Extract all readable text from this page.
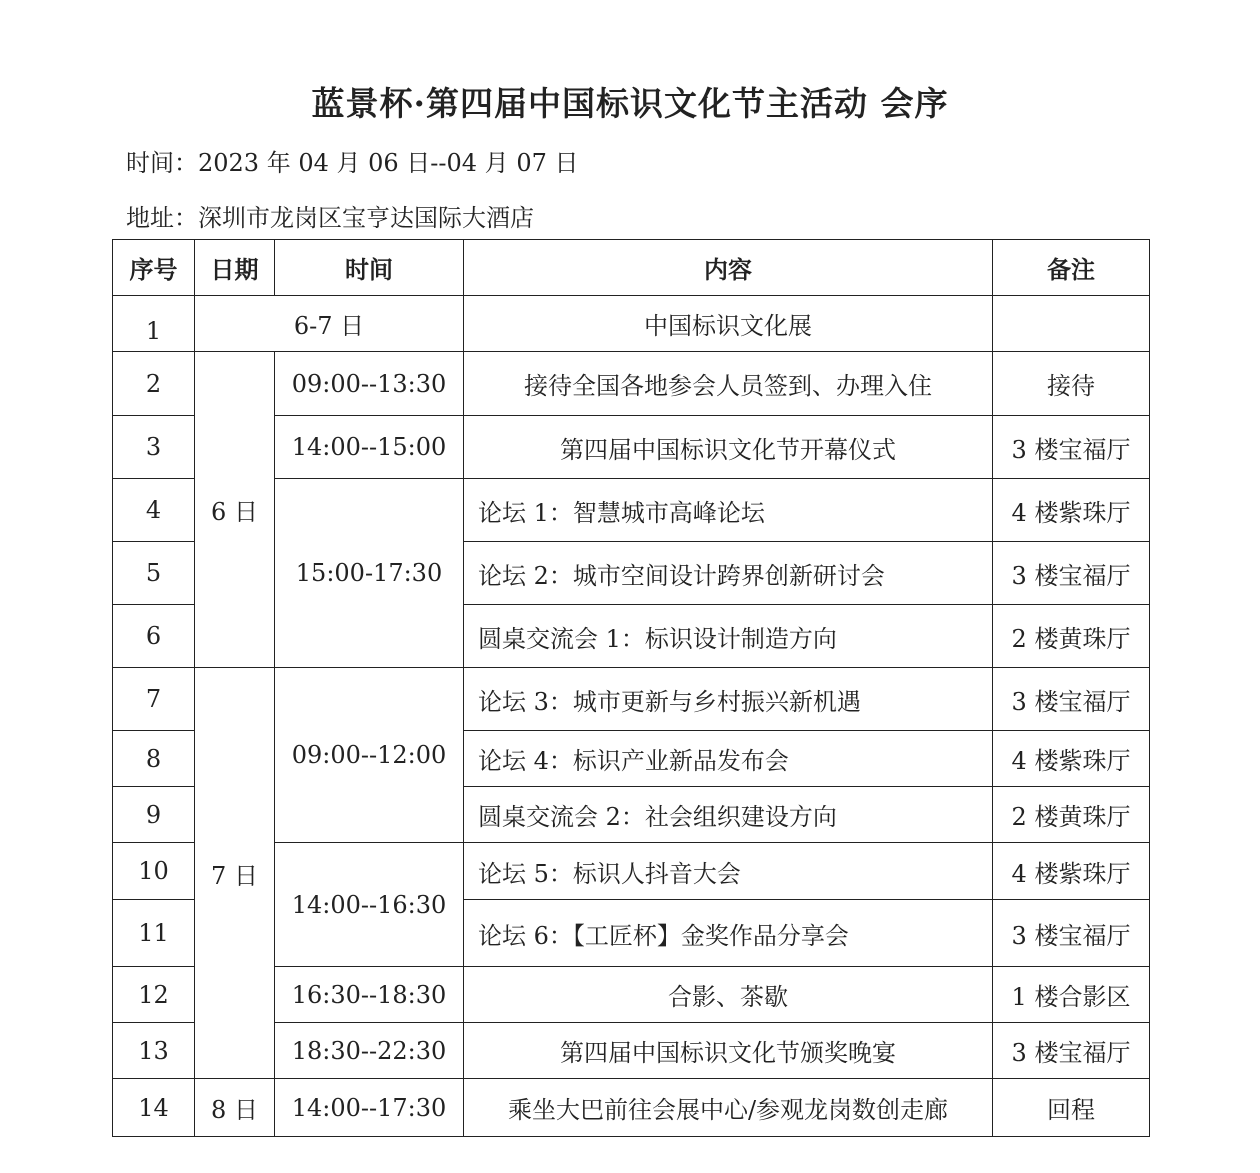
蓝景杯·第四届中国标识文化节主活动 会序
时间：2023 年 04 月 06 日--04 月 07 日
地址：深圳市龙岗区宝亨达国际大酒店
序号	日期	时间	内容	备注
1	6-7 日		中国标识文化展	
2	6 日	09:00--13:30	接待全国各地参会人员签到、办理入住	接待
3		14:00--15:00	第四届中国标识文化节开幕仪式	3 楼宝福厅
4		15:00-17:30	论坛 1：智慧城市高峰论坛	4 楼紫珠厅
5			论坛 2：城市空间设计跨界创新研讨会	3 楼宝福厅
6			圆桌交流会 1：标识设计制造方向	2 楼黄珠厅
7	7 日	09:00--12:00	论坛 3：城市更新与乡村振兴新机遇	3 楼宝福厅
8			论坛 4：标识产业新品发布会	4 楼紫珠厅
9			圆桌交流会 2：社会组织建设方向	2 楼黄珠厅
10		14:00--16:30	论坛 5：标识人抖音大会	4 楼紫珠厅
11			论坛 6：【工匠杯】金奖作品分享会	3 楼宝福厅
12		16:30--18:30	合影、茶歇	1 楼合影区
13		18:30--22:30	第四届中国标识文化节颁奖晚宴	3 楼宝福厅
14	8 日	14:00--17:30	乘坐大巴前往会展中心/参观龙岗数创走廊	回程
